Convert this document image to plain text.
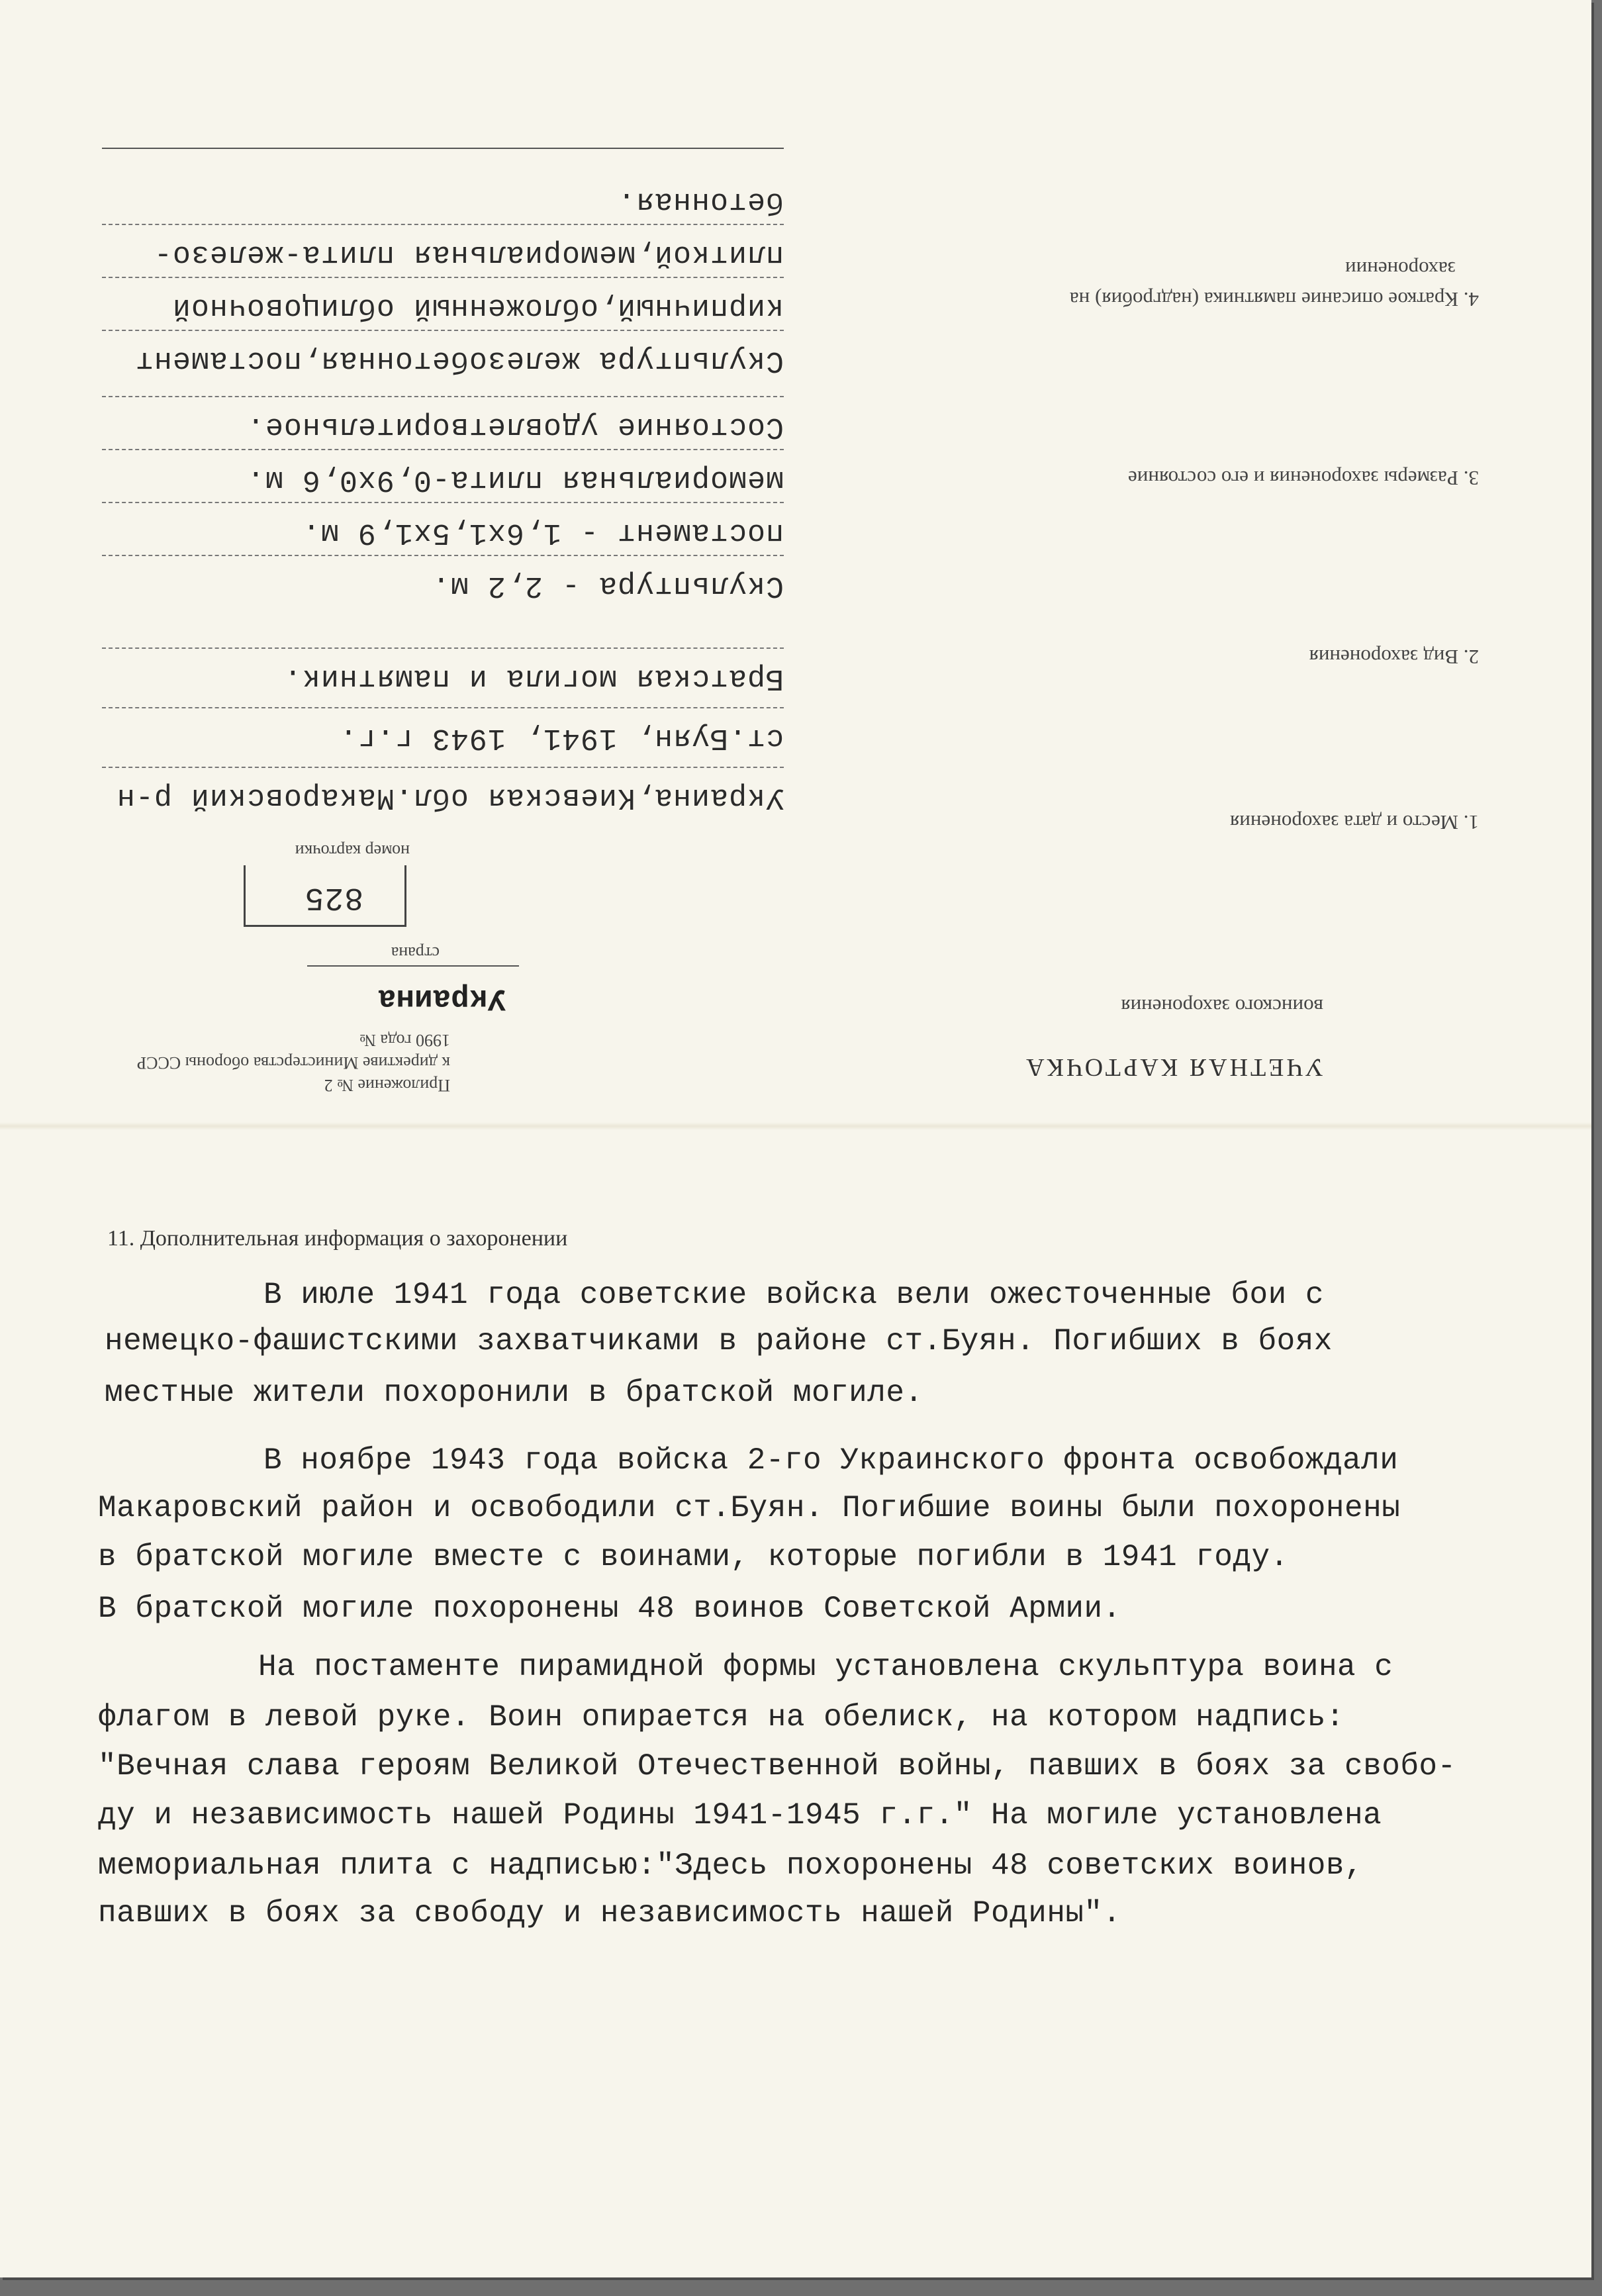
УЧЕТНАЯ КАРТОЧКА
воинского захоронения
Приложение № 2
к директиве Министерства обороны СССР
1990 года №
Украина
страна
825
номер карточки
1. Место и дата захоронения
Украина,Киевская обл.Макаровский р-н
ст.Буян, 1941, 1943 г.г.
2. Вид захоронения
Братская могила и памятник.
3. Размеры захоронения и его состояние
Скульптура - 2,2 м.
постамент - 1,6х1,5х1,9 м.
мемориальная плита-0,9х0,6 м.
Состояние удовлетворительное.
4. Краткое описание памятника (надгробия) на
захоронении
Скульптура железобетонная,постамент
кирпичный,обложенный облицовочной
плиткой,мемориальная плита-железо-
бетонная.
11. Дополнительная информация о захоронении
В июле 1941 года советские войска вели ожесточенные бои с
немецко-фашистскими захватчиками в районе ст.Буян. Погибших в боях
местные жители похоронили в братской могиле.
В ноябре 1943 года войска 2-го Украинского фронта освобождали
Макаровский район и освободили ст.Буян. Погибшие воины были похоронены
в братской могиле вместе с воинами, которые погибли в 1941 году.
В братской могиле похоронены 48 воинов Советской Армии.
На постаменте пирамидной формы установлена скульптура воина с
флагом в левой руке. Воин опирается на обелиск, на котором надпись:
"Вечная слава героям Великой Отечественной войны, павших в боях за свобо-
ду и независимость нашей Родины 1941-1945 г.г." На могиле установлена
мемориальная плита с надписью:"Здесь похоронены 48 советских воинов,
павших в боях за свободу и независимость нашей Родины".
